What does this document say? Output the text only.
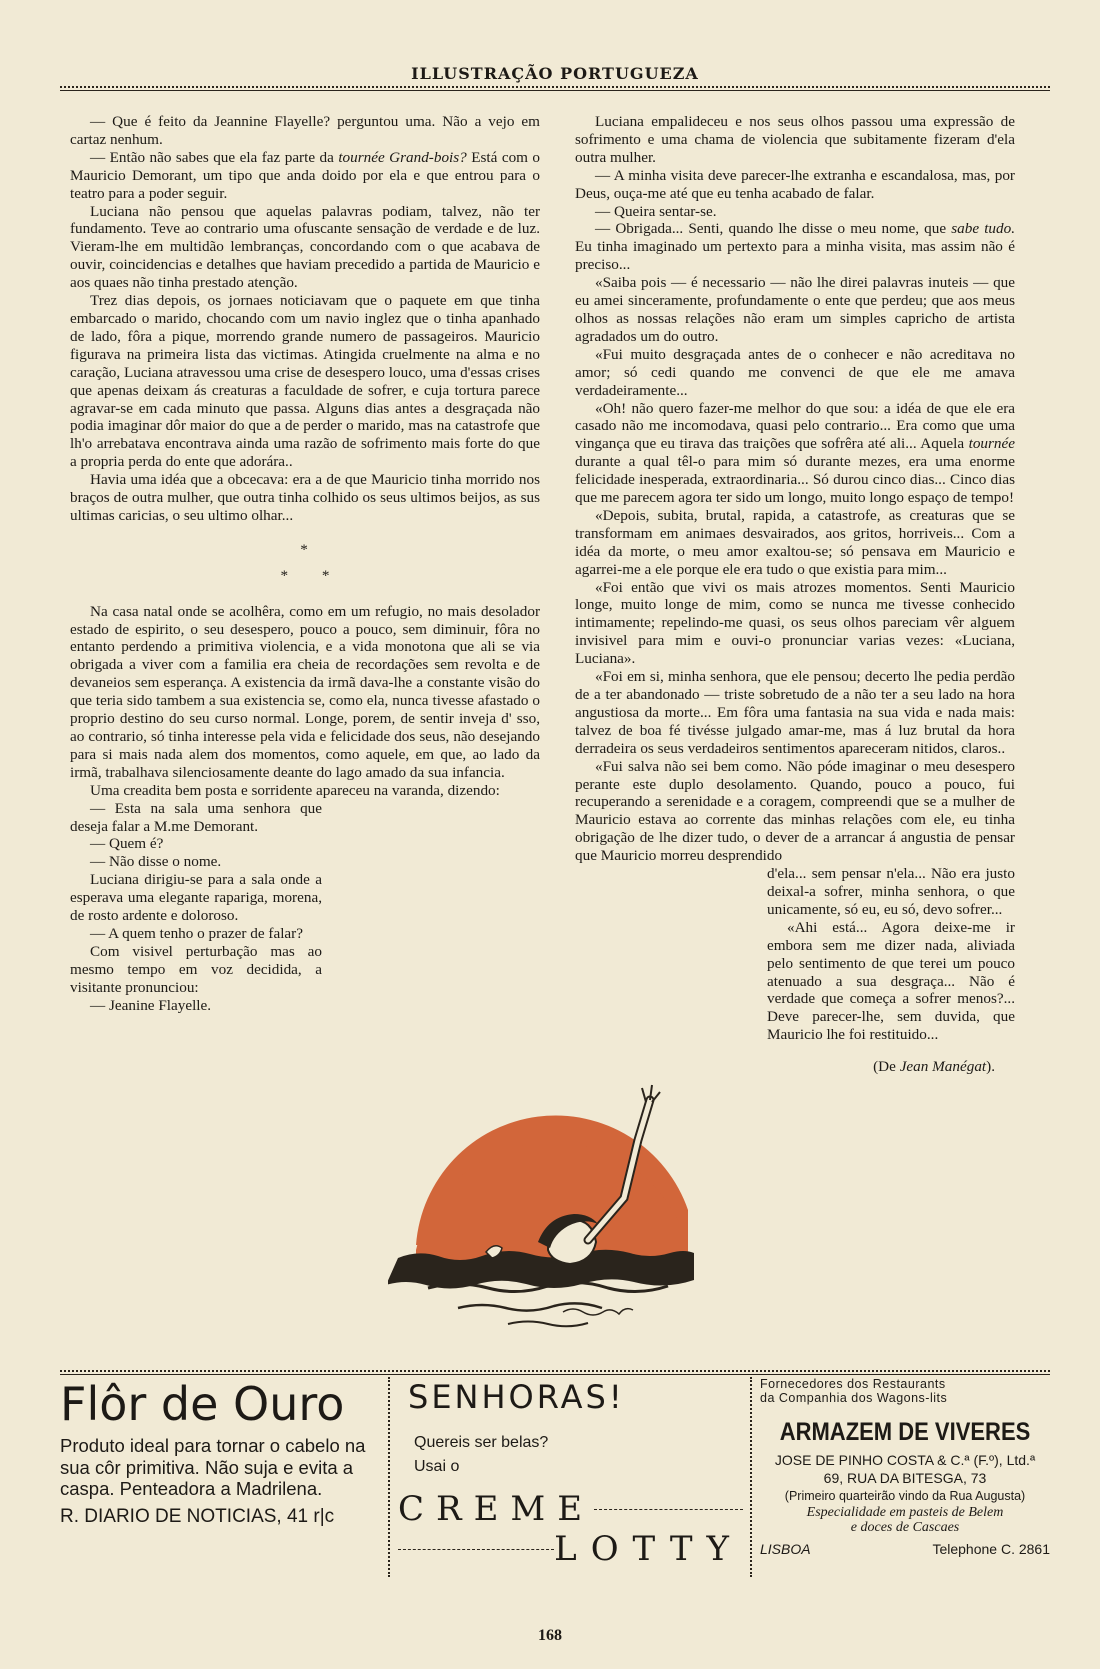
ILLUSTRAÇÃO PORTUGUEZA

— Que é feito da Jeannine Flayelle? perguntou uma. Não a vejo em cartaz nenhum.

— Então não sabes que ela faz parte da tournée Grand-bois? Está com o Mauricio Demorant, um tipo que anda doido por ela e que entrou para o teatro para a poder seguir.

Luciana não pensou que aquelas palavras podiam, talvez, não ter fundamento. Teve ao contrario uma ofuscante sensação de verdade e de luz. Vieram-lhe em multidão lembranças, concordando com o que acabava de ouvir, coincidencias e detalhes que haviam precedido a partida de Mauricio e aos quaes não tinha prestado atenção.

Trez dias depois, os jornaes noticiavam que o paquete em que tinha embarcado o marido, chocando com um navio inglez que o tinha apanhado de lado, fôra a pique, morrendo grande numero de passageiros. Mauricio figurava na primeira lista das victimas. Atingida cruelmente na alma e no caração, Luciana atravessou uma crise de desespero louco, uma d'essas crises que apenas deixam ás creaturas a faculdade de sofrer, e cuja tortura parece agravar-se em cada minuto que passa. Alguns dias antes a desgraçada não podia imaginar dôr maior do que a de perder o marido, mas na catastrofe que lh'o arrebatava encontrava ainda uma razão de sofrimento mais forte do que a propria perda do ente que adorára..

Havia uma idéa que a obcecava: era a de que Mauricio tinha morrido nos braços de outra mulher, que outra tinha colhido os seus ultimos beijos, as sus ultimas caricias, o seu ultimo olhar...

*
* *

Na casa natal onde se acolhêra, como em um refugio, no mais desolador estado de espirito, o seu desespero, pouco a pouco, sem diminuir, fôra no entanto perdendo a primitiva violencia, e a vida monotona que ali se via obrigada a viver com a familia era cheia de recordações sem revolta e de devaneios sem esperança. A existencia da irmã dava-lhe a constante visão do que teria sido tambem a sua existencia se, como ela, nunca tivesse afastado o proprio destino do seu curso normal. Longe, porem, de sentir inveja d' sso, ao contrario, só tinha interesse pela vida e felicidade dos seus, não desejando para si mais nada alem dos momentos, como aquele, em que, ao lado da irmã, trabalhava silenciosamente deante do lago amado da sua infancia.

Uma creadita bem posta e sorridente apareceu na varanda, dizendo:

— Esta na sala uma senhora que deseja falar a M.me Demorant.

— Quem é?

— Não disse o nome.

Luciana dirigiu-se para a sala onde a esperava uma elegante rapariga, morena, de rosto ardente e doloroso.

— A quem tenho o prazer de falar?

Com visivel perturbação mas ao mesmo tempo em voz decidida, a visitante pronunciou:

— Jeanine Flayelle.

Luciana empalideceu e nos seus olhos passou uma expressão de sofrimento e uma chama de violencia que subitamente fizeram d'ela outra mulher.

— A minha visita deve parecer-lhe extranha e escandalosa, mas, por Deus, ouça-me até que eu tenha acabado de falar.

— Queira sentar-se.

— Obrigada... Senti, quando lhe disse o meu nome, que sabe tudo. Eu tinha imaginado um pertexto para a minha visita, mas assim não é preciso...

«Saiba pois — é necessario — não lhe direi palavras inuteis — que eu amei sinceramente, profundamente o ente que perdeu; que aos meus olhos as nossas relações não eram um simples capricho de artista agradados um do outro.

«Fui muito desgraçada antes de o conhecer e não acreditava no amor; só cedi quando me convenci de que ele me amava verdadeiramente...

«Oh! não quero fazer-me melhor do que sou: a idéa de que ele era casado não me incomodava, quasi pelo contrario... Era como que uma vingança que eu tirava das traições que sofrêra até ali... Aquela tournée durante a qual têl-o para mim só durante mezes, era uma enorme felicidade inesperada, extraordinaria... Só durou cinco dias... Cinco dias que me parecem agora ter sido um longo, muito longo espaço de tempo!

«Depois, subita, brutal, rapida, a catastrofe, as creaturas que se transformam em animaes desvairados, aos gritos, horriveis... Com a idéa da morte, o meu amor exaltou-se; só pensava em Mauricio e agarrei-me a ele porque ele era tudo o que existia para mim...

«Foi então que vivi os mais atrozes momentos. Senti Mauricio longe, muito longe de mim, como se nunca me tivesse conhecido intimamente; repelindo-me quasi, os seus olhos pareciam vêr alguem invisivel para mim e ouvi-o pronunciar varias vezes: «Luciana, Luciana».

«Foi em si, minha senhora, que ele pensou; decerto lhe pedia perdão de a ter abandonado — triste sobretudo de a não ter a seu lado na hora angustiosa da morte... Em fôra uma fantasia na sua vida e nada mais: talvez de boa fé tivésse julgado amar-me, mas á luz brutal da hora derradeira os seus verdadeiros sentimentos apareceram nitidos, claros..

«Fui salva não sei bem como. Não póde imaginar o meu desespero perante este duplo desolamento. Quando, pouco a pouco, fui recuperando a serenidade e a coragem, compreendi que se a mulher de Mauricio estava ao corrente das minhas relações com ele, eu tinha obrigação de lhe dizer tudo, o dever de a arrancar á angustia de pensar que Mauricio morreu desprendido

d'ela... sem pensar n'ela... Não era justo deixal-a sofrer, minha senhora, o que unicamente, só eu, eu só, devo sofrer...

«Ahi está... Agora deixe-me ir embora sem me dizer nada, aliviada pelo sentimento de que terei um pouco atenuado a sua desgraça... Não é verdade que começa a sofrer menos?... Deve parecer-lhe, sem duvida, que Mauricio lhe foi restituido...

(De Jean Manégat).

Flôr de Ouro
Produto ideal para tornar o cabelo na sua côr primitiva. Não suja e evita a caspa. Penteadora a Madrilena.
R. DIARIO DE NOTICIAS, 41 r|c
SENHORAS!
Quereis ser belas?
Usai o
CREME
LOTTY
Fornecedores dos Restaurants
da Companhia dos Wagons-lits
ARMAZEM DE VIVERES
JOSE DE PINHO COSTA & C.ª (F.º), Ltd.ª
69, RUA DA BITESGA, 73
(Primeiro quarteirão vindo da Rua Augusta)
Especialidade em pasteis de Belem
e doces de Cascaes
LISBOA	Telephone C. 2861
168
